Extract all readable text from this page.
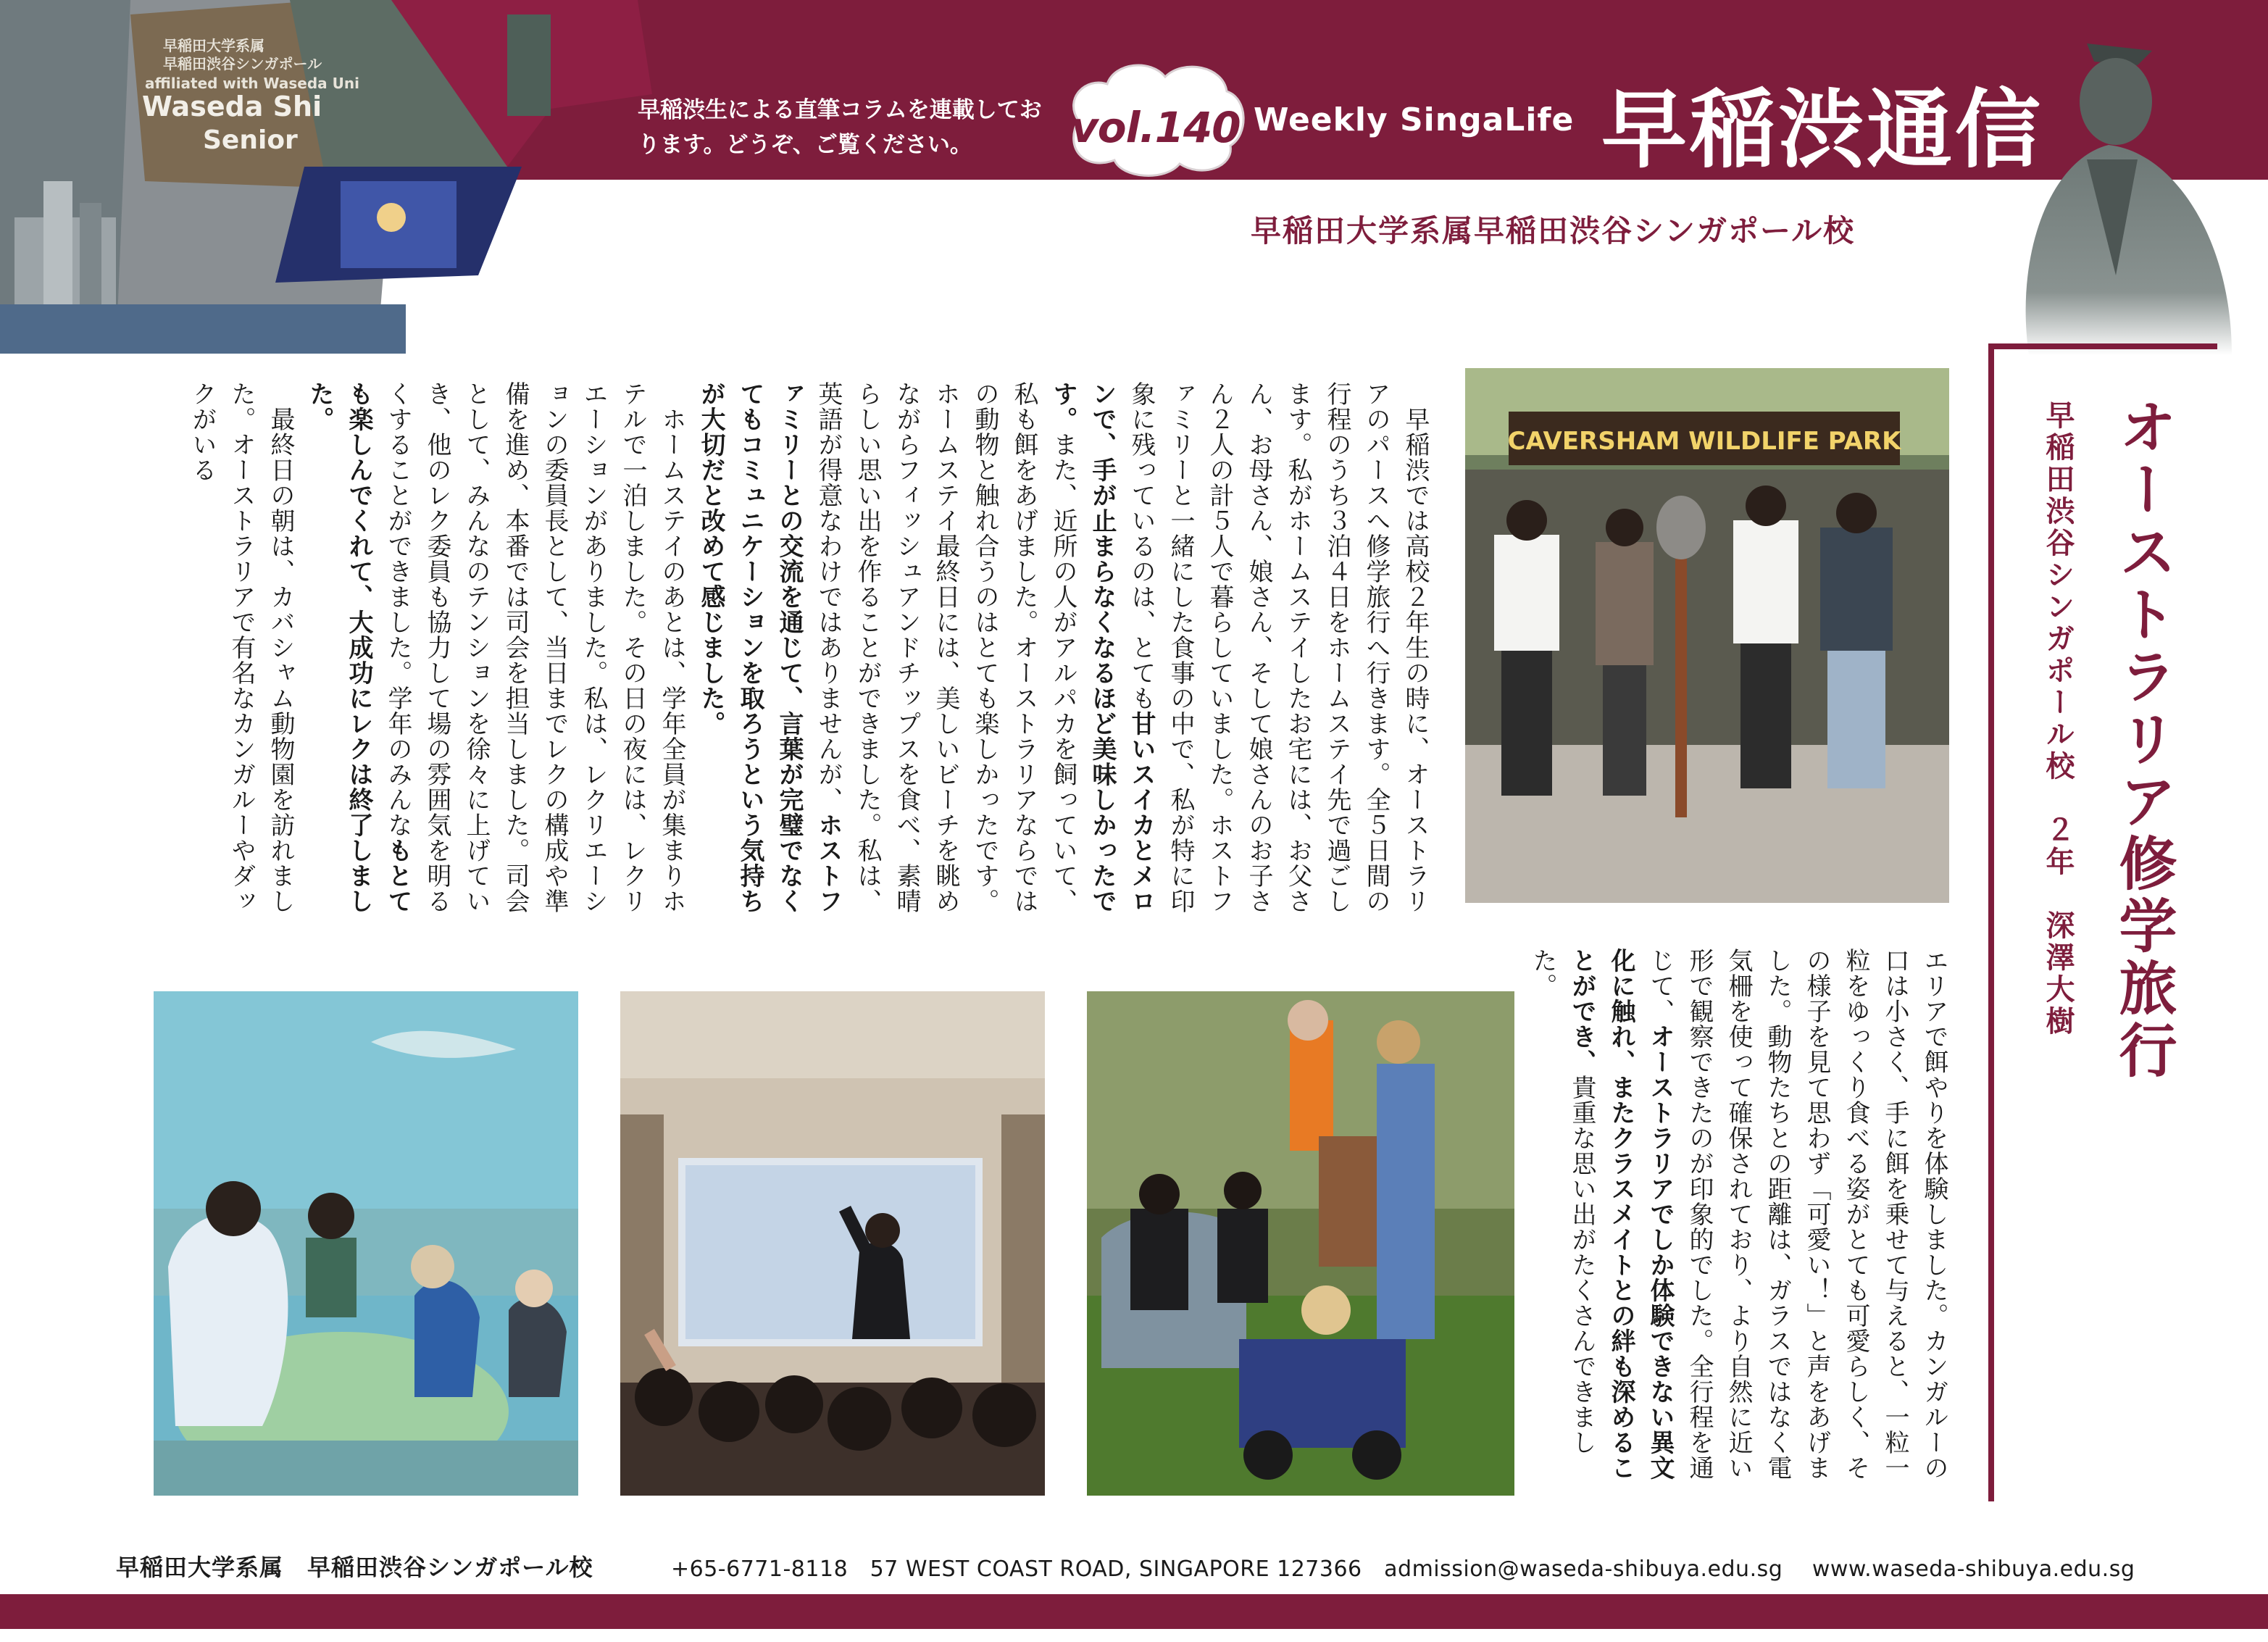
早稲田大学系属
早稲田渋谷シンガポール
affiliated with Waseda Uni
Waseda Shi
Senior
早稲渋生による直筆コラムを連載しております。どうぞ、ご覧ください。	vol.140 Weekly SingaLife 早稲渋通信
早稲田大学系属早稲田渋谷シンガポール校
オーストラリア修学旅行
早稲田渋谷シンガポール校　２年　深澤大樹
CAVERSHAM WILDLIFE PARK

　早稲渋では高校２年生の時に、オーストラリアのパースへ修学旅行へ行きます。全５日間の行程のうち３泊４日をホームステイ先で過ごします。私がホームステイしたお宅には、お父さん、お母さん、娘さん、そして娘さんのお子さん２人の計５人で暮らしていました。ホストファミリーと一緒にした食事の中で、私が特に印象に残っているのは、とても甘いスイカとメロンで、手が止まらなくなるほど美味しかったです。また、近所の人がアルパカを飼っていて、私も餌をあげました。オーストラリアならではの動物と触れ合うのはとても楽しかったです。ホームステイ最終日には、美しいビーチを眺めながらフィッシュアンドチップスを食べ、素晴らしい思い出を作ることができました。私は、英語が得意なわけではありませんが、ホストファミリーとの交流を通じて、言葉が完璧でなくてもコミュニケーションを取ろうという気持ちが大切だと改めて感じました。

　ホームステイのあとは、学年全員が集まりホテルで一泊しました。その日の夜には、レクリエーションがありました。私は、レクリエーションの委員長として、当日までレクの構成や準備を進め、本番では司会を担当しました。司会として、みんなのテンションを徐々に上げていき、他のレク委員も協力して場の雰囲気を明るくすることができました。学年のみんなもとても楽しんでくれて、大成功にレクは終了しました。

　最終日の朝は、カバシャム動物園を訪れました。オーストラリアで有名なカンガルーやダックがいる

エリアで餌やりを体験しました。カンガルーの口は小さく、手に餌を乗せて与えると、一粒一粒をゆっくり食べる姿がとても可愛らしく、その様子を見て思わず「可愛い！」と声をあげました。動物たちとの距離は、ガラスではなく電気柵を使って確保されており、より自然に近い形で観察できたのが印象的でした。全行程を通じて、オーストラリアでしか体験できない異文化に触れ、またクラスメイトとの絆も深めることができ、貴重な思い出がたくさんできました。

早稲田大学系属　早稲田渋谷シンガポール校	+65-6771-8118　57 WEST COAST ROAD, SINGAPORE 127366　admission@waseda-shibuya.edu.sg　 www.waseda-shibuya.edu.sg
